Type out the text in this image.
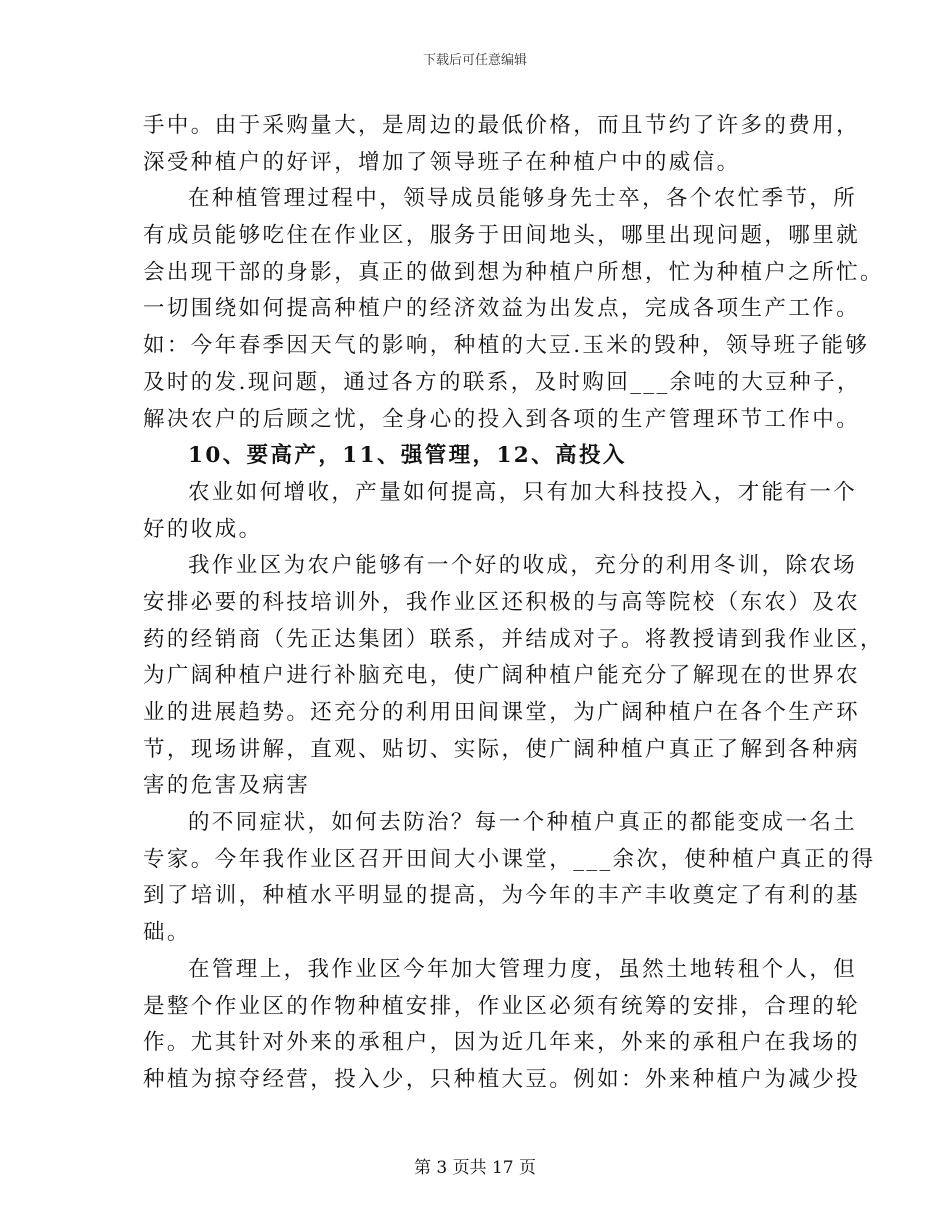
下载后可任意编辑
手中。由于采购量大，是周边的最低价格，而且节约了许多的费用，
深受种植户的好评，增加了领导班子在种植户中的威信。
在种植管理过程中，领导成员能够身先士卒，各个农忙季节，所
有成员能够吃住在作业区，服务于田间地头，哪里出现问题，哪里就
会出现干部的身影，真正的做到想为种植户所想，忙为种植户之所忙。
一切围绕如何提高种植户的经济效益为出发点，完成各项生产工作。
如：今年春季因天气的影响，种植的大豆.玉米的毁种，领导班子能够
及时的发.现问题，通过各方的联系，及时购回___余吨的大豆种子，
解决农户的后顾之忧，全身心的投入到各项的生产管理环节工作中。
10、要高产，11、强管理，12、高投入
农业如何增收，产量如何提高，只有加大科技投入，才能有一个
好的收成。
我作业区为农户能够有一个好的收成，充分的利用冬训，除农场
安排必要的科技培训外，我作业区还积极的与高等院校（东农）及农
药的经销商（先正达集团）联系，并结成对子。将教授请到我作业区，
为广阔种植户进行补脑充电，使广阔种植户能充分了解现在的世界农
业的进展趋势。还充分的利用田间课堂，为广阔种植户在各个生产环
节，现场讲解，直观、贴切、实际，使广阔种植户真正了解到各种病
害的危害及病害
的不同症状，如何去防治？每一个种植户真正的都能变成一名土
专家。今年我作业区召开田间大小课堂，___余次，使种植户真正的得
到了培训，种植水平明显的提高，为今年的丰产丰收奠定了有利的基
础。
在管理上，我作业区今年加大管理力度，虽然土地转租个人，但
是整个作业区的作物种植安排，作业区必须有统筹的安排，合理的轮
作。尤其针对外来的承租户，因为近几年来，外来的承租户在我场的
种植为掠夺经营，投入少，只种植大豆。例如：外来种植户为减少投
第 3 页共 17 页
